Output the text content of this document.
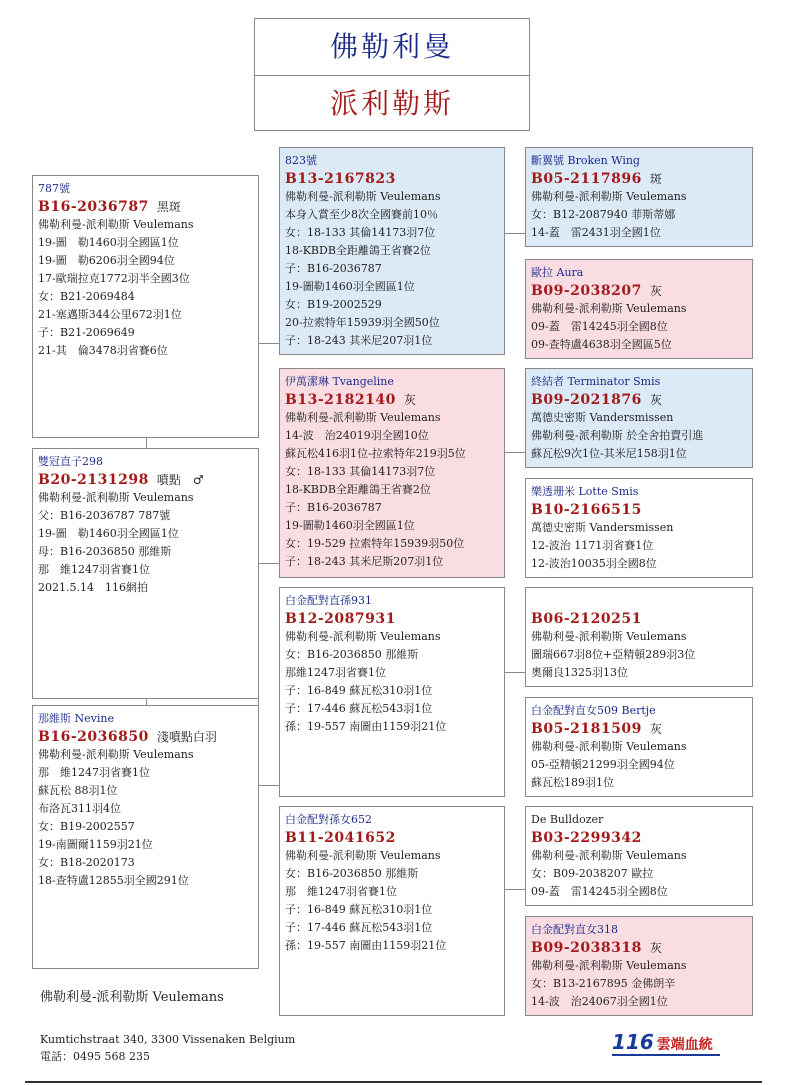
佛勒利曼
派利勒斯
787號
B16-2036787 黑斑
佛勒利曼-派利勒斯 Veulemans
19-圖　勒1460羽全國區1位
19-圖　勒6206羽全國94位
17-歐瑞拉克1772羽半全國3位
女：B21-2069484
21-塞邁斯344公里672羽1位
子：B21-2069649
21-其　倫3478羽省賽6位
雙冠直子298
B20-2131298 噴點　♂
佛勒利曼-派利勒斯 Veulemans
父：B16-2036787 787號
19-圖　勒1460羽全國區1位
母：B16-2036850 那維斯
那　維1247羽省賽1位
2021.5.14　116網拍
那維斯 Nevine
B16-2036850 淺噴點白羽
佛勒利曼-派利勒斯 Veulemans
那　維1247羽省賽1位
蘇瓦松 88羽1位
布洛瓦311羽4位
女：B19-2002557
19-南圖爾1159羽21位
女：B18-2020173
18-查特盧12855羽全國291位
823號
B13-2167823
佛勒利曼-派利勒斯 Veulemans
本身入賞至少8次全國賽前10％
女：18-133 其倫14173羽7位
18-KBDB全距離鴿王省賽2位
子：B16-2036787
19-圖勒1460羽全國區1位
女：B19-2002529
20-拉索特年15939羽全國50位
子：18-243 其米尼207羽1位
伊萬潔琳 Tvangeline
B13-2182140 灰
佛勒利曼-派利勒斯 Veulemans
14-波　治24019羽全國10位
蘇瓦松416羽1位-拉索特年219羽5位
女：18-133 其倫14173羽7位
18-KBDB全距離鴿王省賽2位
子：B16-2036787
19-圖勒1460羽全國區1位
女：19-529 拉索特年15939羽50位
子：18-243 其米尼斯207羽1位
白金配對直孫931
B12-2087931
佛勒利曼-派利勒斯 Veulemans
女：B16-2036850 那維斯
那維1247羽省賽1位
子：16-849 蘇瓦松310羽1位
子：17-446 蘇瓦松543羽1位
孫：19-557 南圖由1159羽21位
白金配對孫女652
B11-2041652
佛勒利曼-派利勒斯 Veulemans
女：B16-2036850 那維斯
那　維1247羽省賽1位
子：16-849 蘇瓦松310羽1位
子：17-446 蘇瓦松543羽1位
孫：19-557 南圖由1159羽21位
斷翼號 Broken Wing
B05-2117896 斑
佛勒利曼-派利勒斯 Veulemans
女：B12-2087940 菲斯蒂娜
14-蓋　雷2431羽全國1位
歐拉 Aura
B09-2038207 灰
佛勒利曼-派利勒斯 Veulemans
09-蓋　雷14245羽全國8位
09-查特盧4638羽全國區5位
終結者 Terminator Smis
B09-2021876 灰
萬德史密斯 Vandersmissen
佛勒利曼-派利勒斯 於全舍拍賣引進
蘇瓦松9次1位-其米尼158羽1位
樂透珊米 Lotte Smis
B10-2166515
萬德史密斯 Vandersmissen
12-波治 1171羽省賽1位
12-波治10035羽全國8位
B06-2120251
佛勒利曼-派利勒斯 Veulemans
圖瑞667羽8位+亞精頓289羽3位
奧爾良1325羽13位
白金配對直女509 Bertje
B05-2181509 灰
佛勒利曼-派利勒斯 Veulemans
05-亞精頓21299羽全國94位
蘇瓦松189羽1位
De Bulldozer
B03-2299342
佛勒利曼-派利勒斯 Veulemans
女：B09-2038207 歐拉
09-蓋　雷14245羽全國8位
白金配對直女318
B09-2038318 灰
佛勒利曼-派利勒斯 Veulemans
女：B13-2167895 金佛朗辛
14-波　治24067羽全國1位
佛勒利曼-派利勒斯 Veulemans
Kumtichstraat 340, 3300 Vissenaken Belgium
電話：0495 568 235
116 雲端血統
